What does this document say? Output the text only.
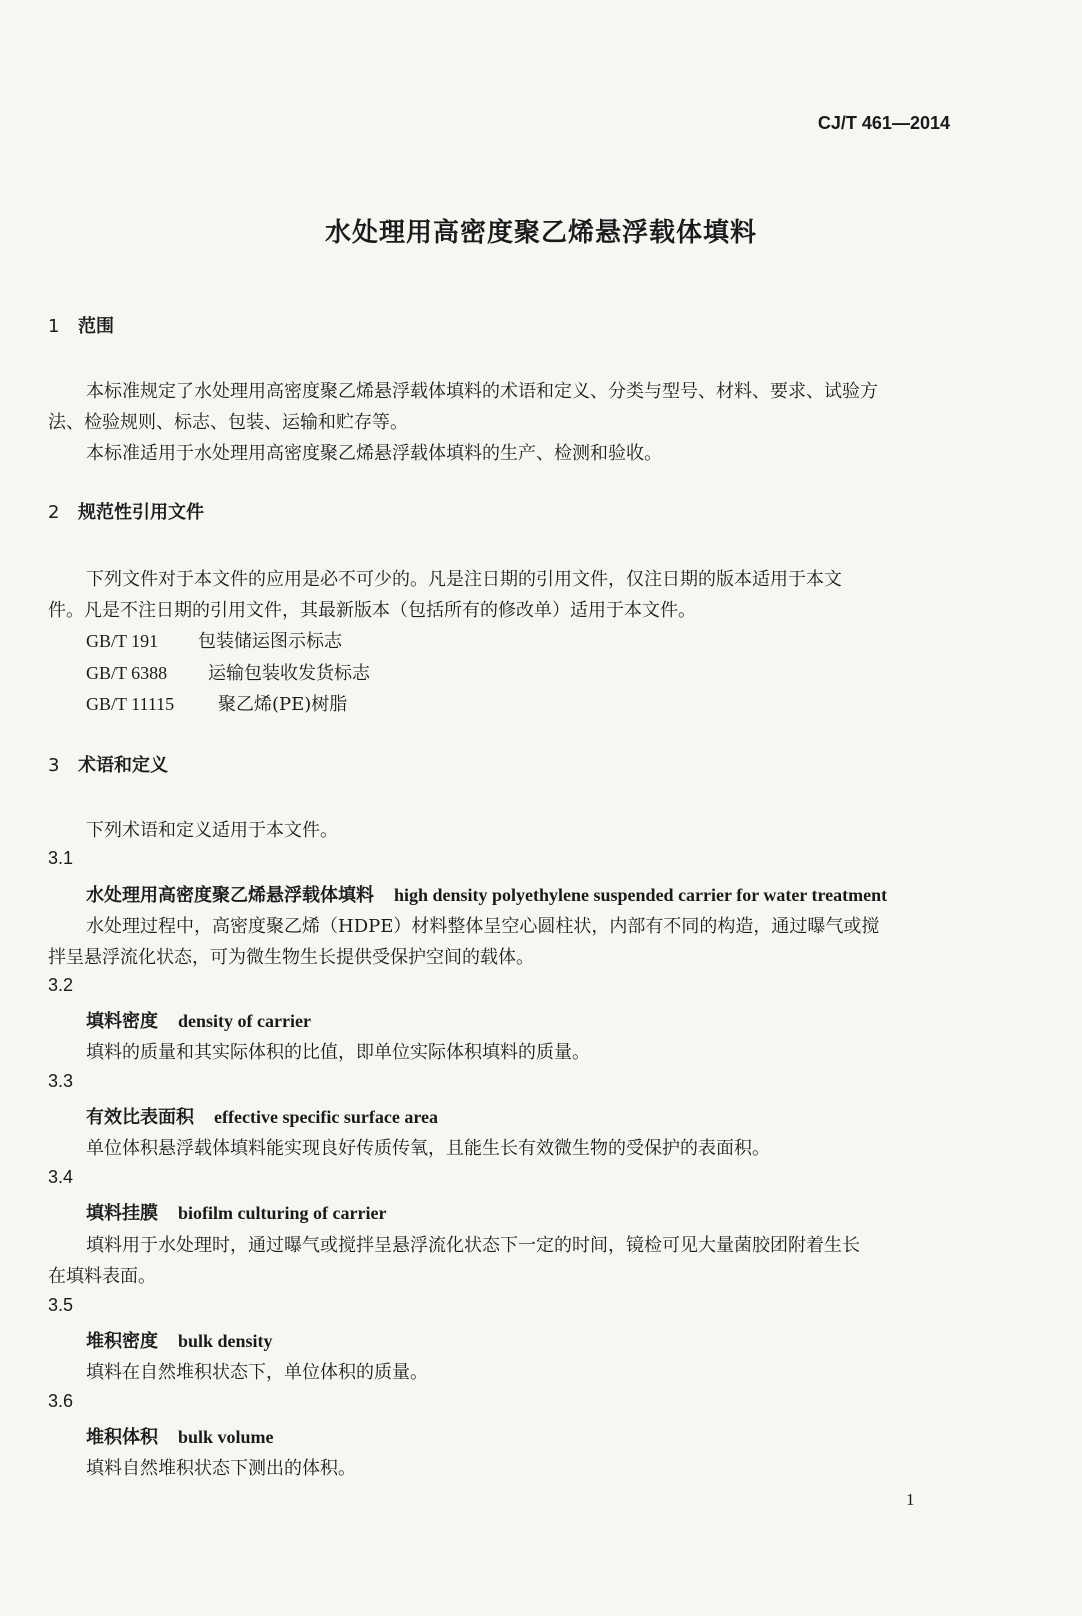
CJ/T 461—2014
水处理用高密度聚乙烯悬浮载体填料
1 范围
本标准规定了水处理用高密度聚乙烯悬浮载体填料的术语和定义、分类与型号、材料、要求、试验方
法、检验规则、标志、包装、运输和贮存等。
本标准适用于水处理用高密度聚乙烯悬浮载体填料的生产、检测和验收。
2 规范性引用文件
下列文件对于本文件的应用是必不可少的。凡是注日期的引用文件，仅注日期的版本适用于本文
件。凡是不注日期的引用文件，其最新版本（包括所有的修改单）适用于本文件。
GB/T 191 包装储运图示标志
GB/T 6388 运输包装收发货标志
GB/T 11115 聚乙烯(PE)树脂
3 术语和定义
下列术语和定义适用于本文件。
3.1
水处理用高密度聚乙烯悬浮载体填料 high density polyethylene suspended carrier for water treatment
水处理过程中，高密度聚乙烯（HDPE）材料整体呈空心圆柱状，内部有不同的构造，通过曝气或搅
拌呈悬浮流化状态，可为微生物生长提供受保护空间的载体。
3.2
填料密度 density of carrier
填料的质量和其实际体积的比值，即单位实际体积填料的质量。
3.3
有效比表面积 effective specific surface area
单位体积悬浮载体填料能实现良好传质传氧，且能生长有效微生物的受保护的表面积。
3.4
填料挂膜 biofilm culturing of carrier
填料用于水处理时，通过曝气或搅拌呈悬浮流化状态下一定的时间，镜检可见大量菌胶团附着生长
在填料表面。
3.5
堆积密度 bulk density
填料在自然堆积状态下，单位体积的质量。
3.6
堆积体积 bulk volume
填料自然堆积状态下测出的体积。
1
